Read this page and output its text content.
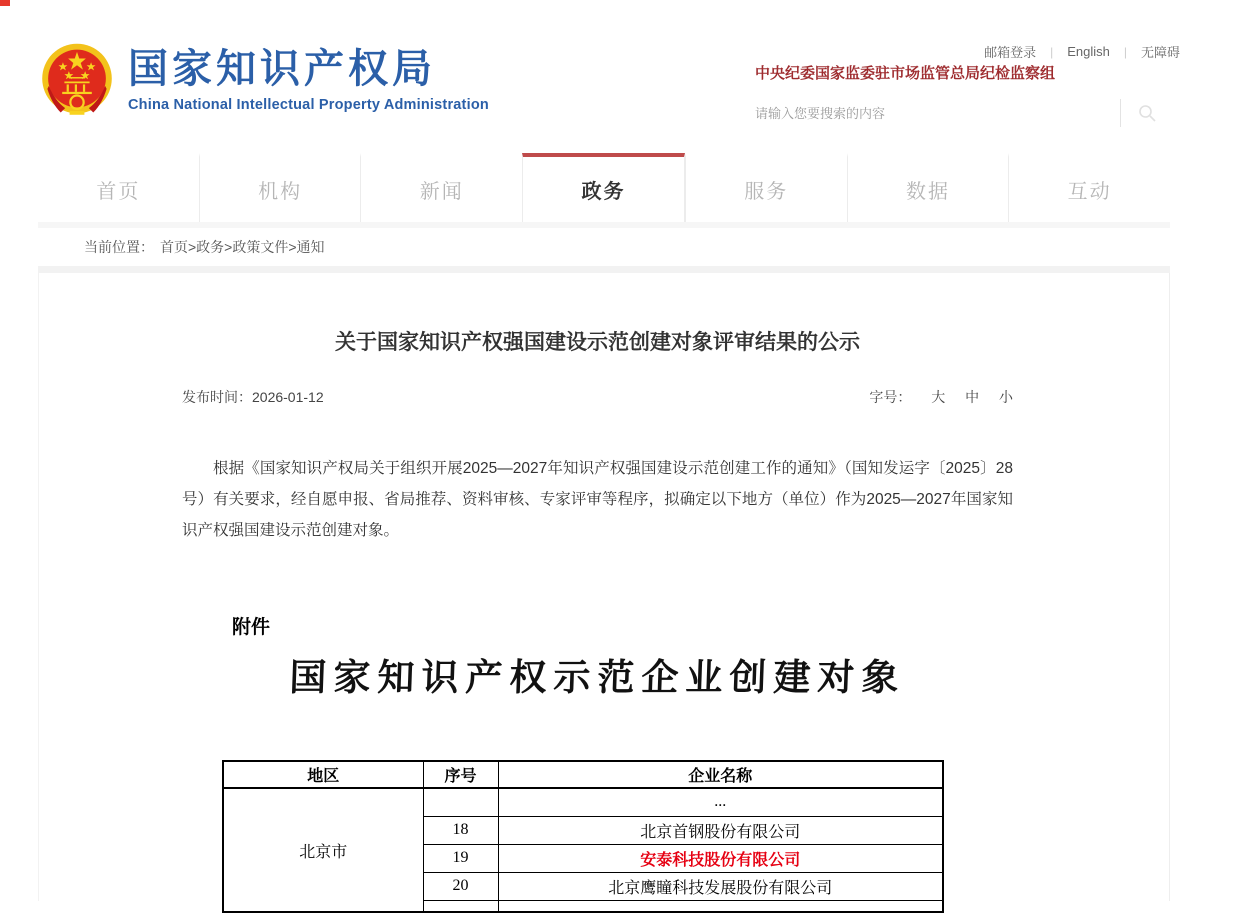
国家知识产权局
China National Intellectual Property Administration
邮箱登录 | English | 无障碍
中央纪委国家监委驻市场监管总局纪检监察组
请输入您要搜索的内容
首页	机构	新闻	政务	服务	数据	互动
当前位置： 首页>政务>政策文件>通知
关于国家知识产权强国建设示范创建对象评审结果的公示
发布时间：2026-01-12	字号： 大 中 小
根据《国家知识产权局关于组织开展2025—2027年知识产权强国建设示范创建工作的通知》（国知发运字〔2025〕28号）有关要求，经自愿申报、省局推荐、资料审核、专家评审等程序，拟确定以下地方（单位）作为2025—2027年国家知识产权强国建设示范创建对象。
附件
国家知识产权示范企业创建对象
地区	序号	企业名称
北京市		...
	18	北京首钢股份有限公司
	19	安泰科技股份有限公司
	20	北京鹰瞳科技发展股份有限公司
